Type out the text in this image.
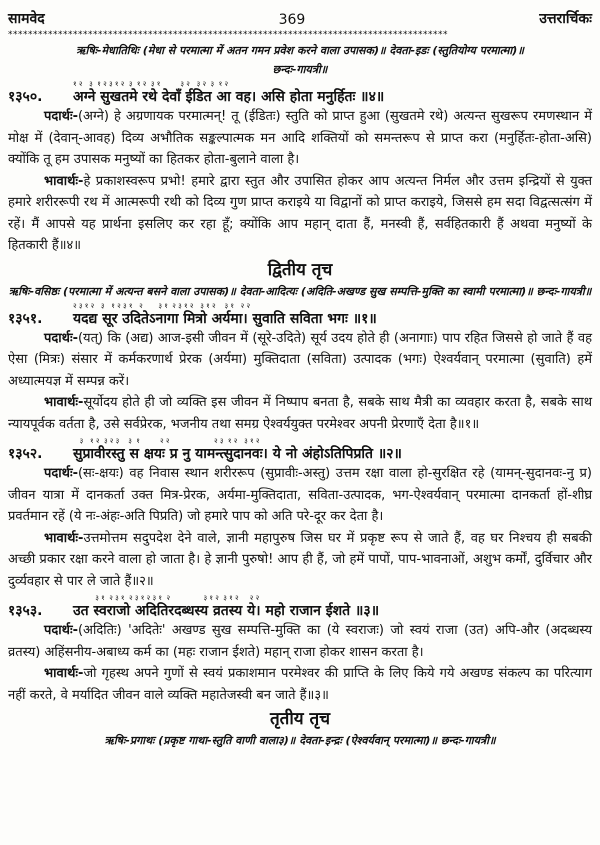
सामवेद	369	उत्तरार्चिकः
****************************************************************************************
ऋषिः-मेधातिथिः (मेधा से परमात्मा में अतन गमन प्रवेश करने वाला उपासक)॥ देवता-इडः (स्तुतियोग्य परमात्मा)॥
छन्दः-गायत्री॥
१ २   ३  १ २ ३ १ २  ३  १ २  ३ १         ३ २   ३ २  ३  १ २
१३५०.	अग्ने सुखतमे रथे देवाँ ईडित आ वह। असि होता मनुर्हितः ॥४॥
पदार्थः-(अग्ने) हे अग्रणायक परमात्मन्! तू (ईडितः) स्तुति को प्राप्त हुआ (सुखतमे रथे) अत्यन्त सुखरूप रमणस्थान में मोक्ष में (देवान्-आवह) दिव्य अभौतिक सङ्कल्पात्मक मन आदि शक्तियों को समन्तरूप से प्राप्त करा (मनुर्हितः-होता-असि) क्योंकि तू हम उपासक मनुष्यों का हितकर होता-बुलाने वाला है।
भावार्थः-हे प्रकाशस्वरूप प्रभो! हमारे द्वारा स्तुत और उपासित होकर आप अत्यन्त निर्मल और उत्तम इन्द्रियों से युक्त हमारे शरीररूपी रथ में आत्मरूपी रथी को दिव्य गुण प्राप्त कराइये या विद्वानों को प्राप्त कराइये, जिससे हम सदा विद्वत्सत्संग में रहें। मैं आपसे यह प्रार्थना इसलिए कर रहा हूँ; क्योंकि आप महान् दाता हैं, मनस्वी हैं, सर्वहितकारी हैं अथवा मनुष्यों के हितकारी हैं॥४॥
द्वितीय तृच
ऋषिः-वसिष्ठः (परमात्मा में अत्यन्त बसने वाला उपासक)॥ देवता-आदित्यः (अदिति-अखण्ड सुख सम्पत्ति-मुक्ति का स्वामी परमात्मा)॥ छन्दः-गायत्री॥
२ ३ १ २   ३   १ २ ३ १   २       ३ १  २ ३ १ २   ३ १ २    ३ १   २ २
१३५१.	यदद्य सूर उदितेऽनागा मित्रो अर्यमा। सुवाति सविता भगः ॥१॥
पदार्थः-(यत्) कि (अद्य) आज-इसी जीवन में (सूरे-उदिते) सूर्य उदय होते ही (अनागाः) पाप रहित जिससे हो जाते हैं वह ऐसा (मित्रः) संसार में कर्मकरणार्थ प्रेरक (अर्यमा) मुक्तिदाता (सविता) उत्पादक (भगः) ऐश्वर्यवान् परमात्मा (सुवाति) हमें अध्यात्मयज्ञ में सम्पन्न करें।
भावार्थः-सूर्योदय होते ही जो व्यक्ति इस जीवन में निष्पाप बनता है, सबके साथ मैत्री का व्यवहार करता है, सबके साथ न्यायपूर्वक वर्तता है, उसे सर्वप्रेरक, भजनीय तथा समग्र ऐश्वर्ययुक्त परमेश्वर अपनी प्रेरणाएँ देता है॥१॥
३   १ २  ३ २ ३    ३  १         २ २                    २ ३  १ २   ३ १ २
१३५२.	सुप्रावीरस्तु स क्षयः प्र नु यामन्त्सुदानवः। ये नो अंहोऽतिपिप्रति ॥२॥
पदार्थः-(सः-क्षयः) वह निवास स्थान शरीररूप (सुप्रावीः-अस्तु) उत्तम रक्षा वाला हो-सुरक्षित रहे (यामन्-सुदानवः-नु प्र) जीवन यात्रा में दानकर्ता उक्त मित्र-प्रेरक, अर्यमा-मुक्तिदाता, सविता-उत्पादक, भग-ऐश्वर्यवान् परमात्मा दानकर्ता हों-शीघ्र प्रवर्तमान रहें (ये नः-अंहः-अति पिप्रति) जो हमारे पाप को अति परे-दूर कर देता है।
भावार्थः-उत्तमोत्तम सदुपदेश देने वाले, ज्ञानी महापुरुष जिस घर में प्रकृष्ट रूप से जाते हैं, वह घर निश्चय ही सबकी अच्छी प्रकार रक्षा करने वाला हो जाता है। हे ज्ञानी पुरुषो! आप ही हैं, जो हमें पापों, पाप-भावनाओं, अशुभ कर्मों, दुर्विचार और दुर्व्यवहार से पार ले जाते हैं॥२॥
३ १  २ ३ १  २ ३ १ २ ३ १  २               ३ १ २  ३ १ २     २ २
१३५३.	उत स्वराजो अदितिरदब्धस्य व्रतस्य ये। महो राजान ईशते ॥३॥
पदार्थः-(अदितिः) 'अदितेः' अखण्ड सुख सम्पत्ति-मुक्ति का (ये स्वराजः) जो स्वयं राजा (उत) अपि-और (अदब्धस्य व्रतस्य) अहिंसनीय-अबाध्य कर्म का (महः राजान ईशते) महान् राजा होकर शासन करता है।
भावार्थः-जो गृहस्थ अपने गुणों से स्वयं प्रकाशमान परमेश्वर की प्राप्ति के लिए किये गये अखण्ड संकल्प का परित्याग नहीं करते, वे मर्यादित जीवन वाले व्यक्ति महातेजस्वी बन जाते हैं॥३॥
तृतीय तृच
ऋषिः-प्रगाथः (प्रकृष्ट गाथा-स्तुति वाणी वाला३)॥ देवता-इन्द्रः (ऐश्वर्यवान् परमात्मा)॥ छन्दः-गायत्री॥
